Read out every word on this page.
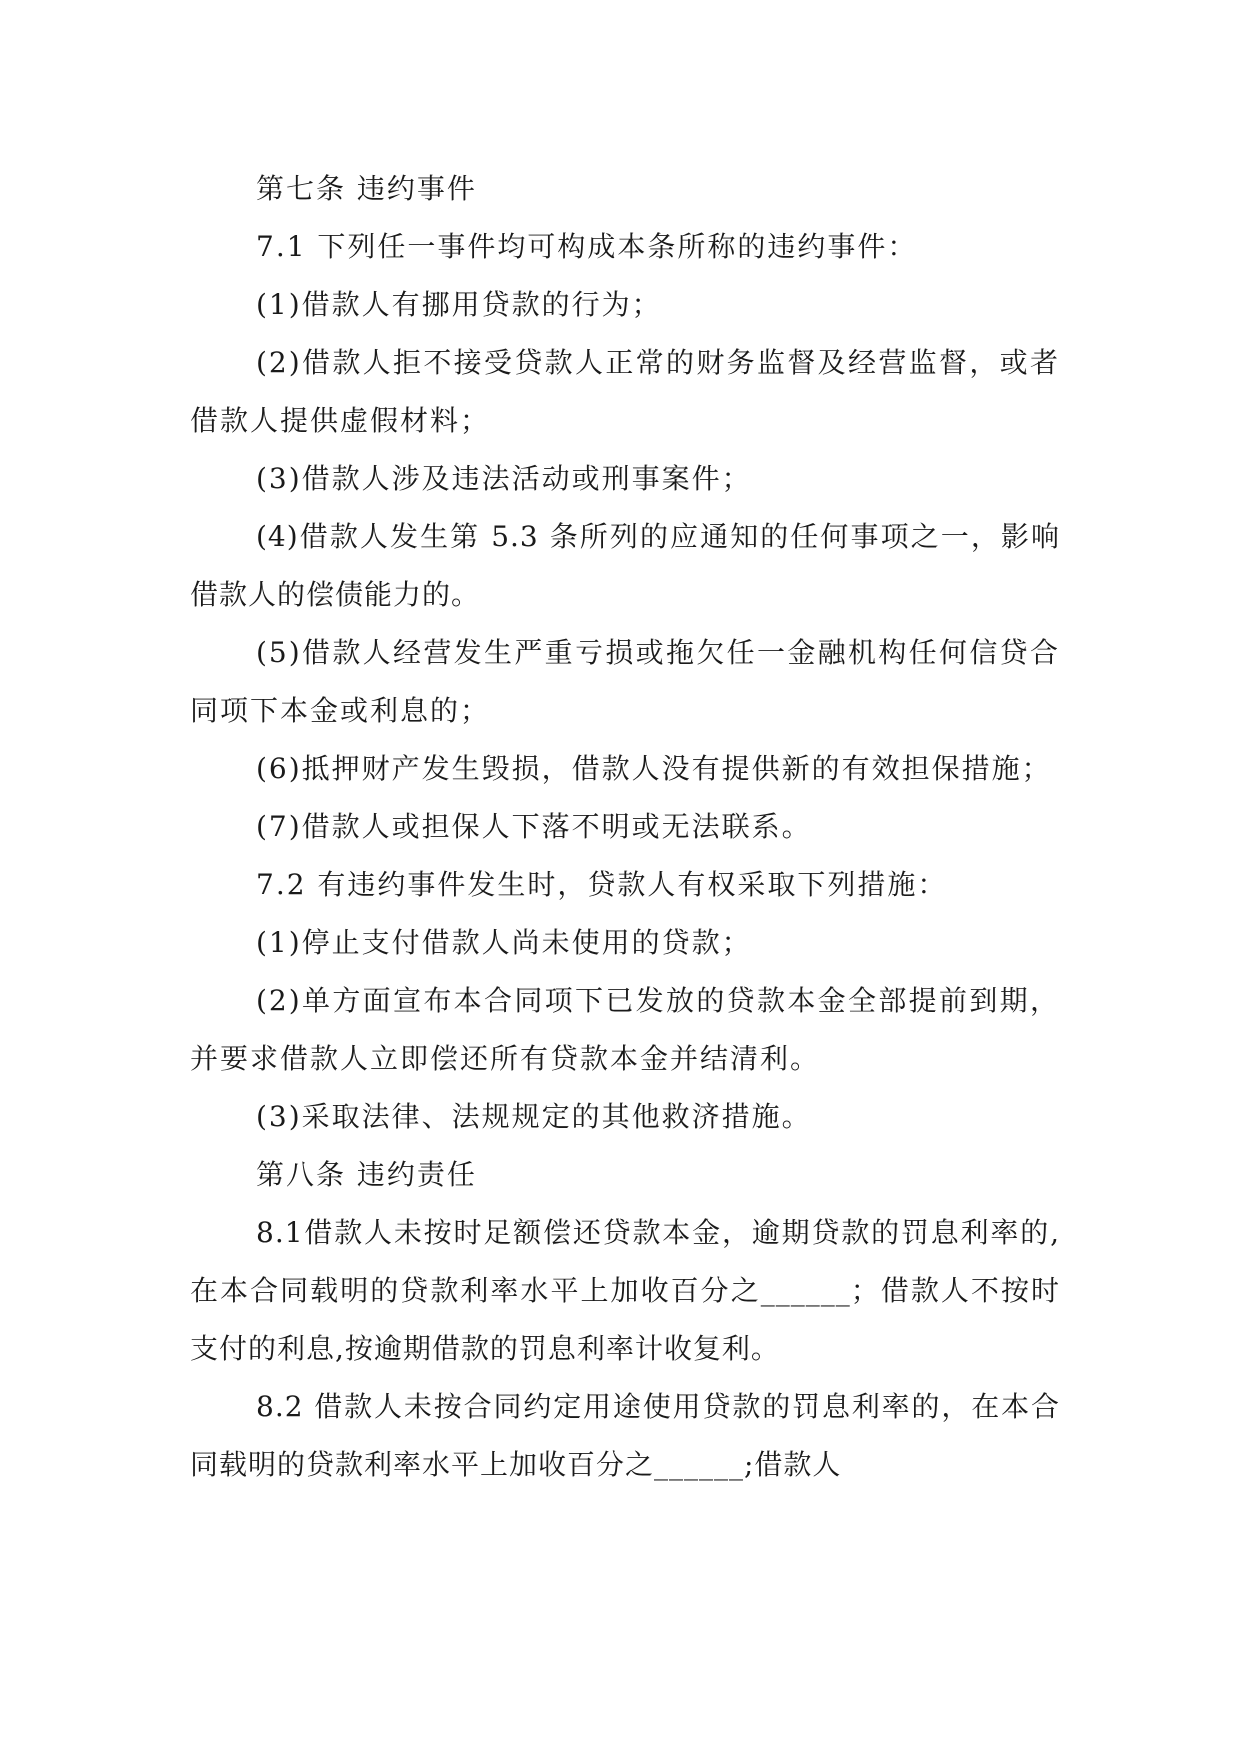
第七条 违约事件

7.1 下列任一事件均可构成本条所称的违约事件：

(1)借款人有挪用贷款的行为；

(2)借款人拒不接受贷款人正常的财务监督及经营监督，或者借款人提供虚假材料；

(3)借款人涉及违法活动或刑事案件；

(4)借款人发生第 5.3 条所列的应通知的任何事项之一，影响借款人的偿债能力的。

(5)借款人经营发生严重亏损或拖欠任一金融机构任何信贷合同项下本金或利息的；

(6)抵押财产发生毁损，借款人没有提供新的有效担保措施；

(7)借款人或担保人下落不明或无法联系。

7.2 有违约事件发生时，贷款人有权采取下列措施：

(1)停止支付借款人尚未使用的贷款；

(2)单方面宣布本合同项下已发放的贷款本金全部提前到期，并要求借款人立即偿还所有贷款本金并结清利。

(3)采取法律、法规规定的其他救济措施。

第八条 违约责任

8.1借款人未按时足额偿还贷款本金，逾期贷款的罚息利率的,在本合同载明的贷款利率水平上加收百分之______；借款人不按时支付的利息,按逾期借款的罚息利率计收复利。

8.2 借款人未按合同约定用途使用贷款的罚息利率的，在本合同载明的贷款利率水平上加收百分之______;借款人
